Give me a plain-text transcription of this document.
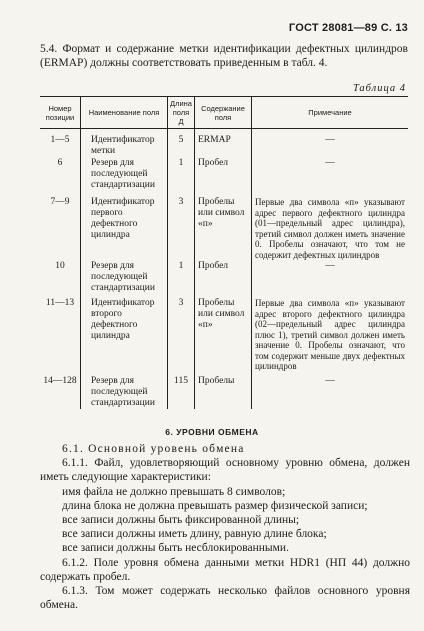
ГОСТ 28081—89 С. 13
5.4. Формат и содержание метки идентификации дефектных цилиндров (ERMAP) должны соответствовать приведенным в табл. 4.
Таблица 4
Номер позиции	Наименование поля	Длина поля Д	Содержание поля	Примечание
1—5	Идентификатор метки	5	ERMAP	—
6	Резерв для последующей стандартизации	1	Пробел	—
7—9	Идентификатор первого дефектного цилиндра	3	Пробелы или символ «п»	Первые два символа «п» указывают адрес первого дефектного цилиндра (01—предельный адрес цилиндра), третий символ должен иметь значение 0. Пробелы означают, что том не содержит дефектных цилиндров
10	Резерв для последующей стандартизации	1	Пробел	—
11—13	Идентификатор второго дефектного цилиндра	3	Пробелы или символ «п»	Первые два символа «п» указывают адрес второго дефектного цилиндра (02—предельный адрес цилиндра плюс 1), третий символ должен иметь значение 0. Пробелы означают, что том содержит меньше двух дефектных цилиндров
14—128	Резерв для последующей стандартизации	115	Пробелы	—
6. УРОВНИ ОБМЕНА

6.1. Основной уровень обмена

6.1.1. Файл, удовлетворяющий основному уровню обмена, должен иметь следующие характеристики:

имя файла не должно превышать 8 символов;

длина блока не должна превышать размер физической записи;

все записи должны быть фиксированной длины;

все записи должны иметь длину, равную длине блока;

все записи должны быть несблокированными.

6.1.2. Поле уровня обмена данными метки HDR1 (НП 44) должно содержать пробел.

6.1.3. Том может содержать несколько файлов основного уровня обмена.
